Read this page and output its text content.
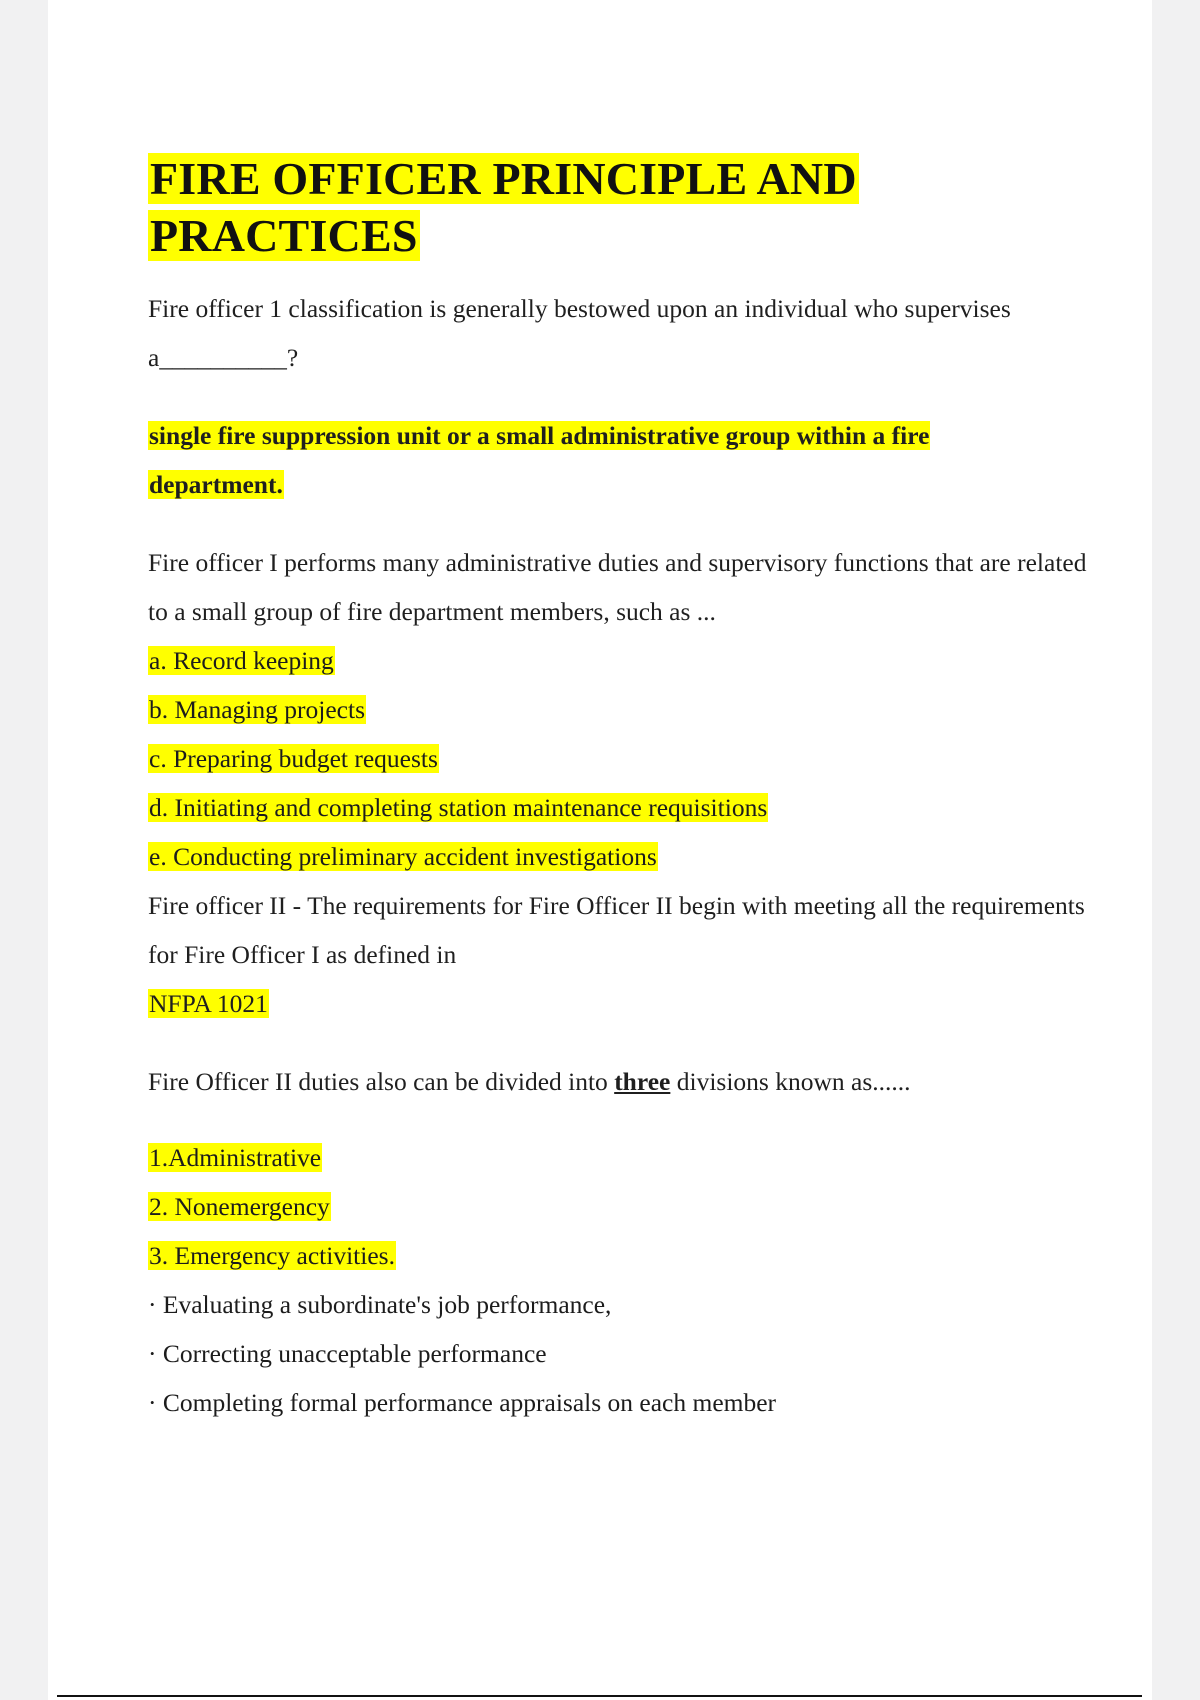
FIRE OFFICER PRINCIPLE AND PRACTICES

Fire officer 1 classification is generally bestowed upon an individual who supervises a__________?

single fire suppression unit or a small administrative group within a fire department.

Fire officer I performs many administrative duties and supervisory functions that are related to a small group of fire department members, such as ...

a. Record keeping
b. Managing projects
c. Preparing budget requests
d. Initiating and completing station maintenance requisitions
e. Conducting preliminary accident investigations

Fire officer II - The requirements for Fire Officer II begin with meeting all the requirements for Fire Officer I as defined in

NFPA 1021

Fire Officer II duties also can be divided into three divisions known as......

1.Administrative
2. Nonemergency
3. Emergency activities.
· Evaluating a subordinate's job performance,
· Correcting unacceptable performance
· Completing formal performance appraisals on each member
